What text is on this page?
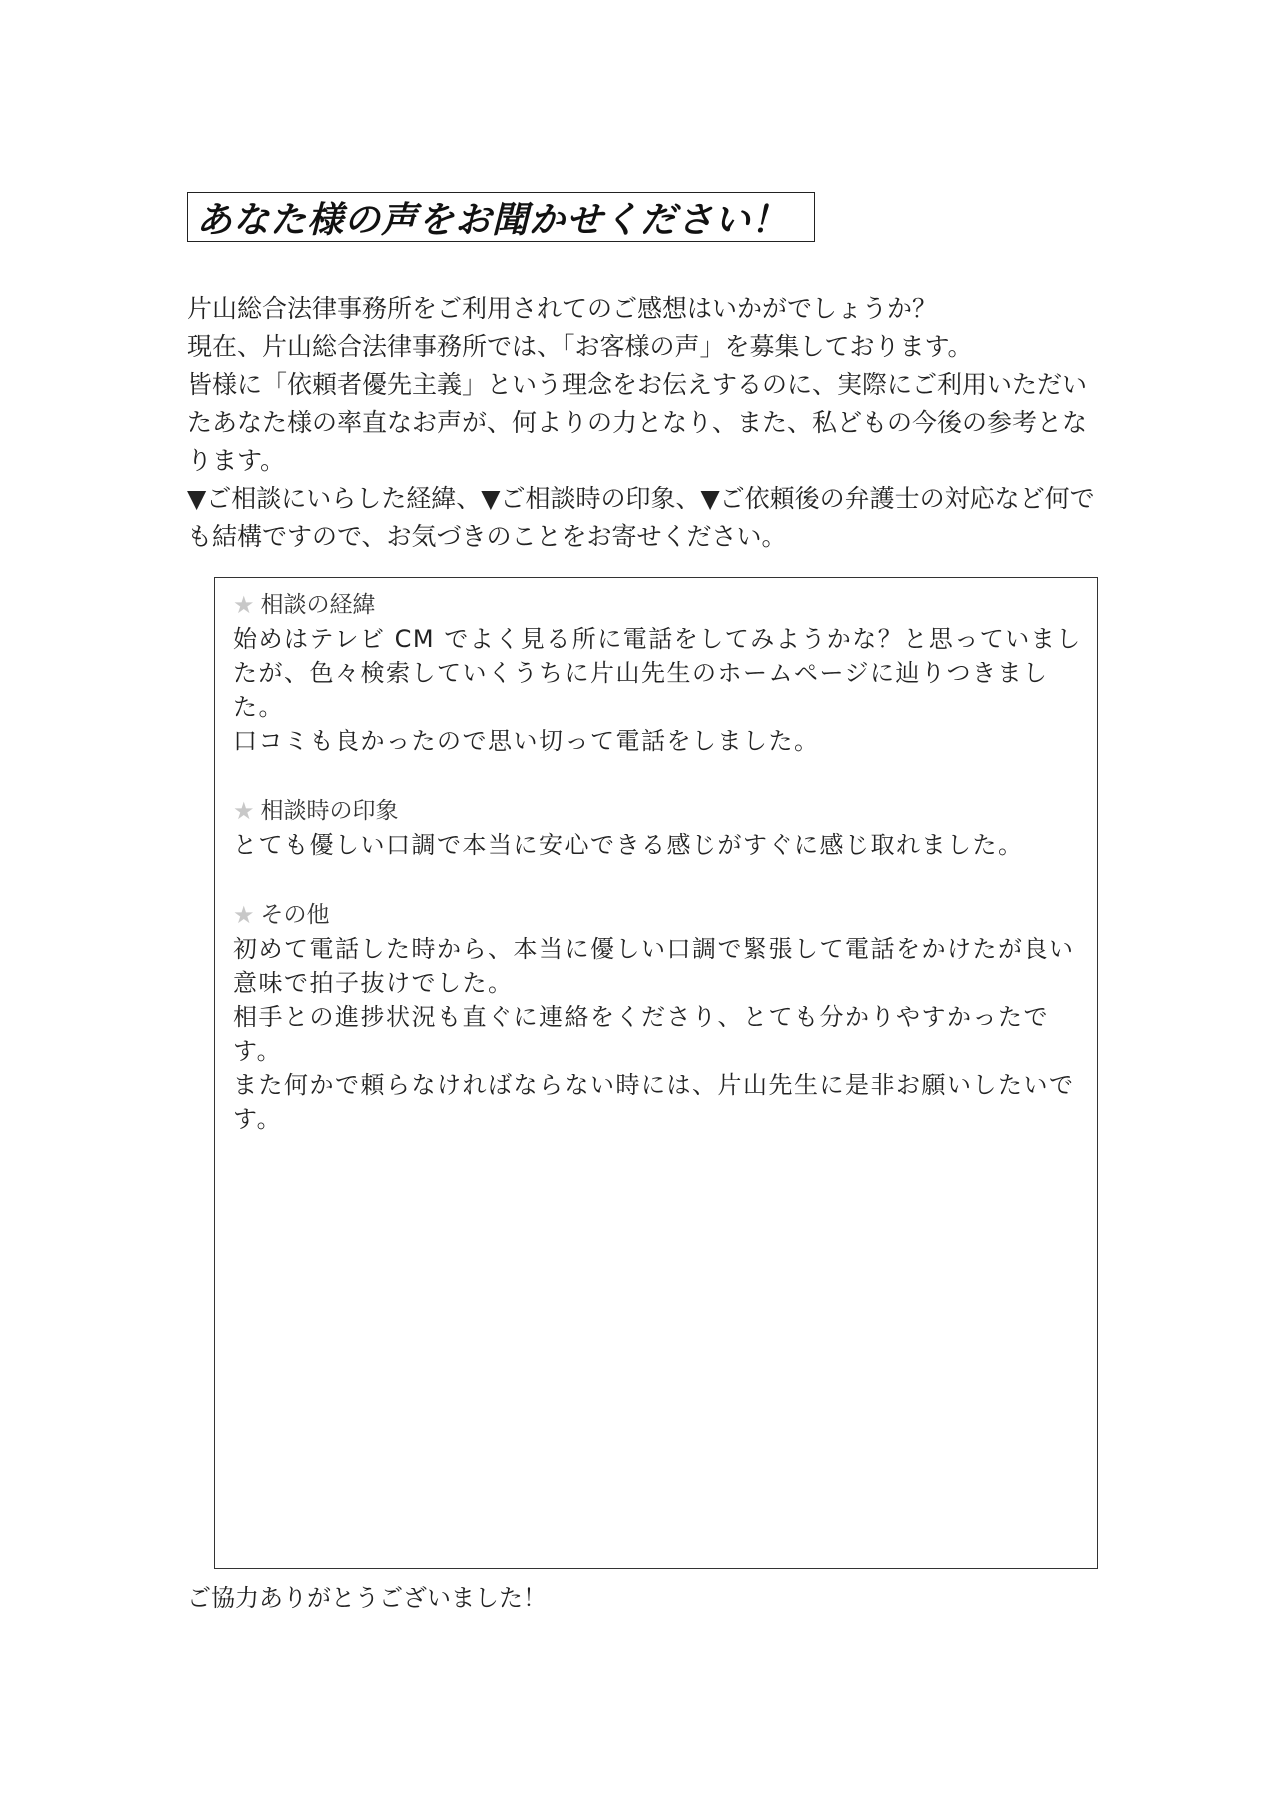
あなた様の声をお聞かせください！

片山総合法律事務所をご利用されてのご感想はいかがでしょうか？

現在、片山総合法律事務所では、「お客様の声」を募集しております。

皆様に「依頼者優先主義」という理念をお伝えするのに、実際にご利用いただいたあなた様の率直なお声が、何よりの力となり、また、私どもの今後の参考となります。

▼ご相談にいらした経緯、▼ご相談時の印象、▼ご依頼後の弁護士の対応など何でも結構ですので、お気づきのことをお寄せください。

★ 相談の経緯

始めはテレビ CM でよく見る所に電話をしてみようかな？と思っていましたが、色々検索していくうちに片山先生のホームページに辿りつきました。

口コミも良かったので思い切って電話をしました。

★ 相談時の印象

とても優しい口調で本当に安心できる感じがすぐに感じ取れました。

★ その他

初めて電話した時から、本当に優しい口調で緊張して電話をかけたが良い意味で拍子抜けでした。

相手との進捗状況も直ぐに連絡をくださり、とても分かりやすかったです。

また何かで頼らなければならない時には、片山先生に是非お願いしたいです。

ご協力ありがとうございました！
